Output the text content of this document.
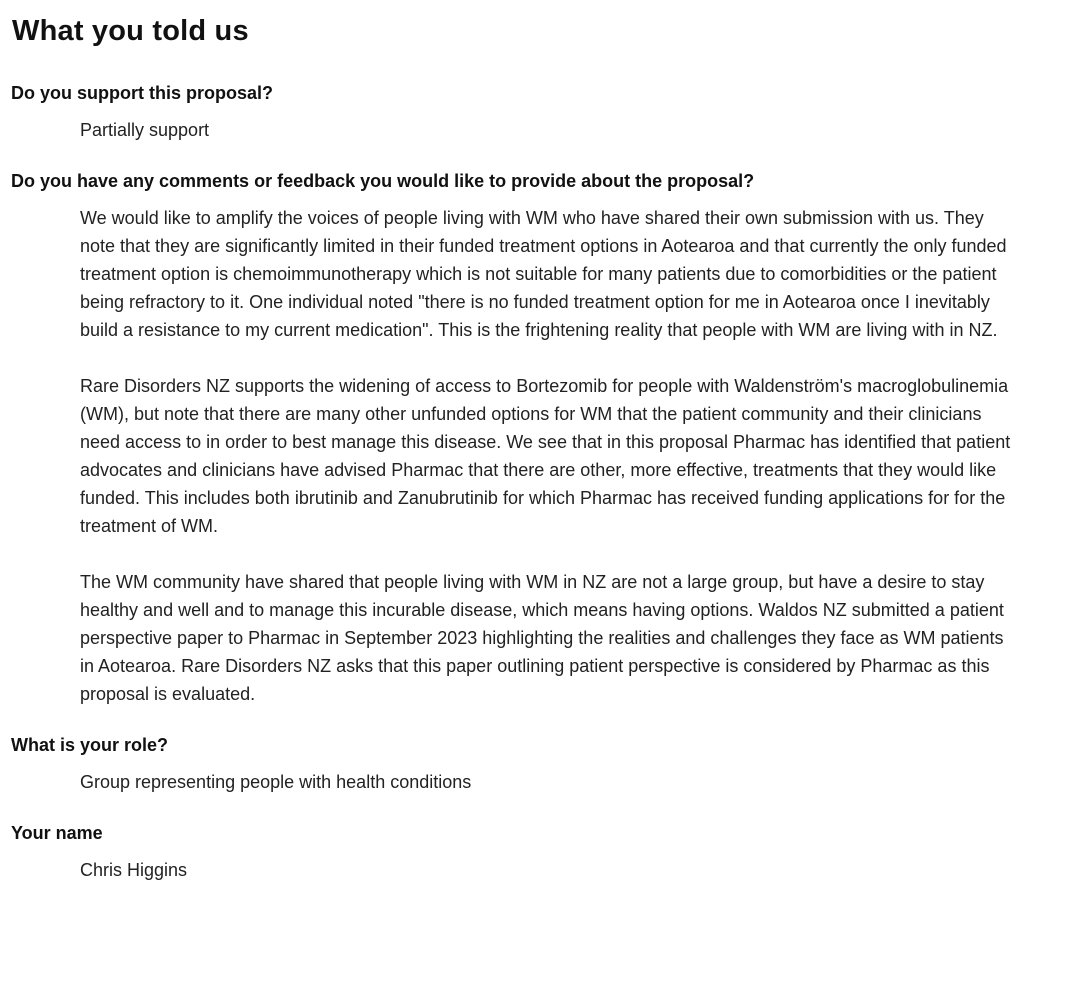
What you told us
Do you support this proposal?

Partially support

Do you have any comments or feedback you would like to provide about the proposal?

We would like to amplify the voices of people living with WM who have shared their own submission with us. They note that they are significantly limited in their funded treatment options in Aotearoa and that currently the only funded treatment option is chemoimmunotherapy which is not suitable for many patients due to comorbidities or the patient being refractory to it. One individual noted "there is no funded treatment option for me in Aotearoa once I inevitably build a resistance to my current medication". This is the frightening reality that people with WM are living with in NZ.

Rare Disorders NZ supports the widening of access to Bortezomib for people with Waldenström's macroglobulinemia (WM), but note that there are many other unfunded options for WM that the patient community and their clinicians need access to in order to best manage this disease. We see that in this proposal Pharmac has identified that patient advocates and clinicians have advised Pharmac that there are other, more effective, treatments that they would like funded. This includes both ibrutinib and Zanubrutinib for which Pharmac has received funding applications for for the treatment of WM.

The WM community have shared that people living with WM in NZ are not a large group, but have a desire to stay healthy and well and to manage this incurable disease, which means having options. Waldos NZ submitted a patient perspective paper to Pharmac in September 2023 highlighting the realities and challenges they face as WM patients in Aotearoa. Rare Disorders NZ asks that this paper outlining patient perspective is considered by Pharmac as this proposal is evaluated.

What is your role?

Group representing people with health conditions

Your name

Chris Higgins
